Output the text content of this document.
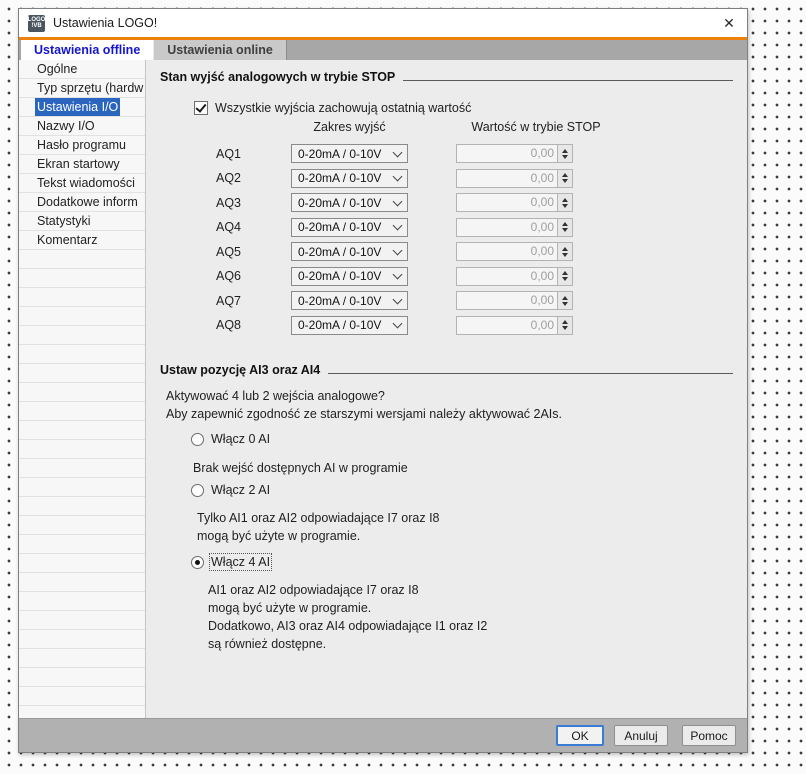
LOGO
!VB Ustawienia LOGO!	✕
Ustawienia offline	Ustawienia online
Ogólne
Typ sprzętu (hardw
Ustawienia I/O
Nazwy I/O
Hasło programu
Ekran startowy
Tekst wiadomości
Dodatkowe inform
Statystyki
Komentarz
Stan wyjść analogowych w trybie STOP
Wszystkie wyjścia zachowują ostatnią wartość
Zakres wyjść	Wartość w trybie STOP
AQ1	0-20mA / 0-10V	0,00
AQ2	0-20mA / 0-10V	0,00
AQ3	0-20mA / 0-10V	0,00
AQ4	0-20mA / 0-10V	0,00
AQ5	0-20mA / 0-10V	0,00
AQ6	0-20mA / 0-10V	0,00
AQ7	0-20mA / 0-10V	0,00
AQ8	0-20mA / 0-10V	0,00
Ustaw pozycję AI3 oraz AI4
Aktywować 4 lub 2 wejścia analogowe?
Aby zapewnić zgodność ze starszymi wersjami należy aktywować 2AIs.
Włącz 0 AI
Brak wejść dostępnych AI w programie
Włącz 2 AI
Tylko AI1 oraz AI2 odpowiadające I7 oraz I8
mogą być użyte w programie.
Włącz 4 AI
AI1 oraz AI2 odpowiadające I7 oraz I8
mogą być użyte w programie.
Dodatkowo, AI3 oraz AI4 odpowiadające I1 oraz I2
są również dostępne.
OK	Anuluj	Pomoc
